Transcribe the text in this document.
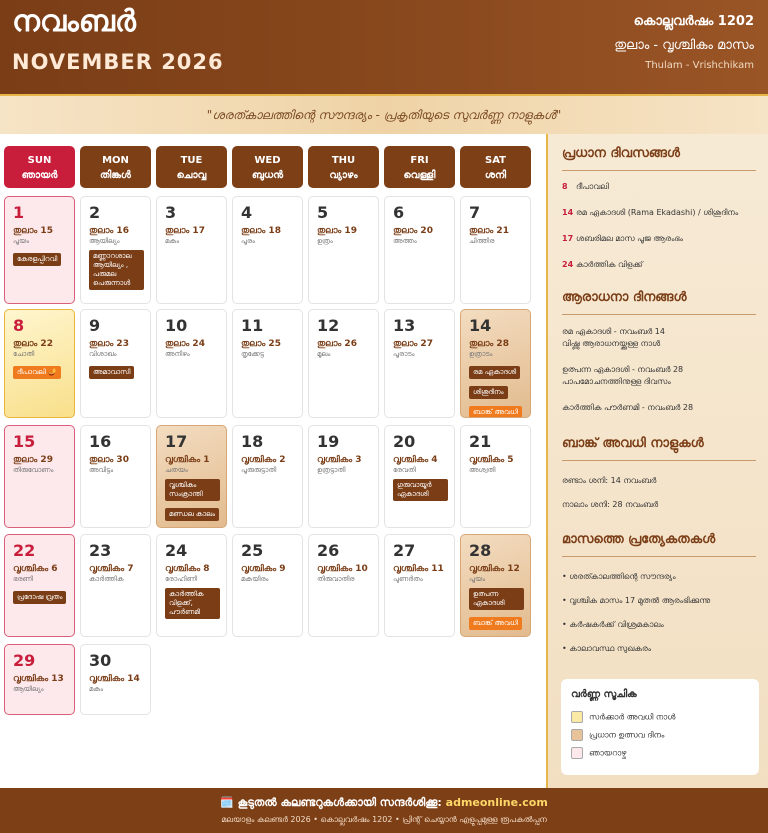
നവംബർ
NOVEMBER 2026
കൊല്ലവർഷം 1202
തുലാം - വൃശ്ചികം മാസം
Thulam - Vrishchikam
"ശരത്കാലത്തിന്റെ സൗന്ദര്യം - പ്രകൃതിയുടെ സുവർണ്ണ നാളുകൾ"
SUN
ഞായർ
MON
തിങ്കൾ
TUE
ചൊവ്വ
WED
ബുധൻ
THU
വ്യാഴം
FRI
വെള്ളി
SAT
ശനി
1
തുലാം 15
പൂയം
കേരളപ്പിറവി
2
തുലാം 16
ആയില്യം
മണ്ണാറശാല ആയില്യം , പരുമല പെരുന്നാൾ
3
തുലാം 17
മകം
4
തുലാം 18
പൂരം
5
തുലാം 19
ഉത്രം
6
തുലാം 20
അത്തം
7
തുലാം 21
ചിത്തിര
8
തുലാം 22
ചോതി
ദീപാവലി 🪔
9
തുലാം 23
വിശാഖം
അമാവാസി
10
തുലാം 24
അനിഴം
11
തുലാം 25
തൃക്കേട്ട
12
തുലാം 26
മൂലം
13
തുലാം 27
പൂരാടം
14
തുലാം 28
ഉത്രാടം
രമ ഏകാദശി
ശിശുദിനം
ബാങ്ക് അവധി
15
തുലാം 29
തിരുവോണം
16
തുലാം 30
അവിട്ടം
17
വൃശ്ചികം 1
ചതയം
വൃശ്ചികം സംക്രാന്തി
മണ്ഡല കാലം
18
വൃശ്ചികം 2
പൂരുരുട്ടാതി
19
വൃശ്ചികം 3
ഉത്രട്ടാതി
20
വൃശ്ചികം 4
രേവതി
ഗുരുവായൂർ ഏകാദശി
21
വൃശ്ചികം 5
അശ്വതി
22
വൃശ്ചികം 6
ഭരണി
പ്രദോഷ വ്രതം
23
വൃശ്ചികം 7
കാർത്തിക
24
വൃശ്ചികം 8
രോഹിണി
കാർത്തിക വിളക്ക്, പൗർണമി
25
വൃശ്ചികം 9
മകയിരം
26
വൃശ്ചികം 10
തിരുവാതിര
27
വൃശ്ചികം 11
പുണർതം
28
വൃശ്ചികം 12
പൂയം
ഉത്പന്ന ഏകാദശി
ബാങ്ക് അവധി
29
വൃശ്ചികം 13
ആയില്യം
30
വൃശ്ചികം 14
മകം
പ്രധാന ദിവസങ്ങൾ
8 ദീപാവലി
14 രമ ഏകാദശി (Rama Ekadashi) / ശിശുദിനം
17 ശബരിമല മാസ പൂജ ആരംഭം
24 കാർത്തിക വിളക്ക്
ആരാധനാ ദിനങ്ങൾ
രമ ഏകാദശി - നവംബർ 14
വിഷ്ണു ആരാധനയ്ക്കുള്ള നാൾ
ഉത്പന്ന ഏകാദശി - നവംബർ 28
പാപമോചനത്തിനുള്ള ദിവസം
കാർത്തിക പൗർണമി - നവംബർ 28
ബാങ്ക് അവധി നാളുകൾ
രണ്ടാം ശനി: 14 നവംബർ
നാലാം ശനി: 28 നവംബർ
മാസത്തെ പ്രത്യേകതകൾ
• ശരത്കാലത്തിന്റെ സൗന്ദര്യം
• വൃശ്ചിക മാസം 17 മുതൽ ആരംഭിക്കുന്നു
• കർഷകർക്ക് വിശ്രമകാലം
• കാലാവസ്ഥ സുഖകരം
വർണ്ണ സൂചിക
സർക്കാർ അവധി നാൾ
പ്രധാന ഉത്സവ ദിനം
ഞായറാഴ്ച
🗓️ കൂടുതൽ കലണ്ടറുകൾക്കായി സന്ദർശിക്കൂ: admeonline.com
മലയാളം കലണ്ടർ 2026 • കൊല്ലവർഷം 1202 • പ്രിന്റ് ചെയ്യാൻ എളുപ്പമുള്ള രൂപകൽപ്പന
